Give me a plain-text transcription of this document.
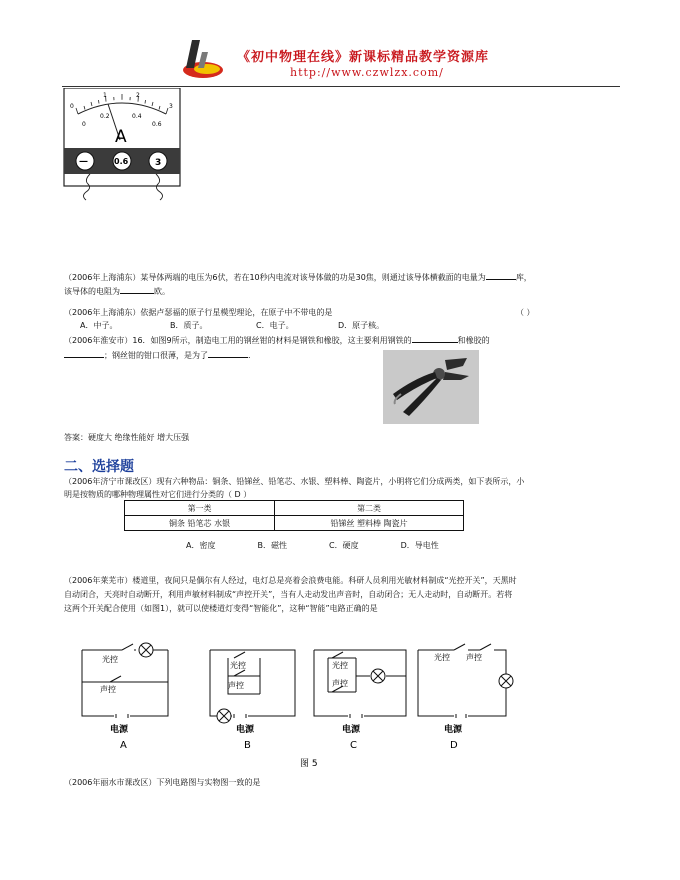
《初中物理在线》新课标精品教学资源库
http://www.czwlzx.com/
0
1	2
3
0
0.2	0.4
0.6
A
—	0.6	3
（2006年上海浦东）某导体两端的电压为6伏，若在10秒内电流对该导体做的功是30焦，则通过该导体横截面的电量为	库，
该导体的电阻为	欧。
（2006年上海浦东）依据卢瑟福的原子行星模型理论，在原子中不带电的是	（ ）
A．中子。	B．质子。	C．电子。	D．原子核。
（2006年淮安市）16．如图9所示，制造电工用的钢丝钳的材料是钢铁和橡胶，这主要利用钢铁的	和橡胶的
；钢丝钳的钳口很薄，是为了	.
答案：硬度大 绝缘性能好 增大压强
二、选择题
（2006年济宁市课改区）现有六种物品：铜条、铅锑丝、铅笔芯、水银、塑料棒、陶瓷片，小明将它们分成两类，如下表所示，小
明是按物质的哪种物理属性对它们进行分类的（ D ）
第一类	第二类
铜条 铅笔芯 水银	铅锑丝 塑料棒 陶瓷片
A．密度	B．磁性	C．硬度	D．导电性
（2006年莱芜市）楼道里，夜间只是偶尔有人经过，电灯总是亮着会浪费电能。科研人员利用光敏材料制成“光控开关”，天黑时
自动闭合，天亮时自动断开，利用声敏材料制成“声控开关”，当有人走动发出声音时，自动闭合；无人走动时，自动断开。若将
这两个开关配合使用（如图1），就可以使楼道灯变得“智能化”，这种“智能”电路正确的是
光控
声控
电源
A
光控
声控
电源
B
光控
声控
电源
C
光控 声控
电源
D
图 5
（2006年丽水市课改区）下列电路图与实物图一致的是
